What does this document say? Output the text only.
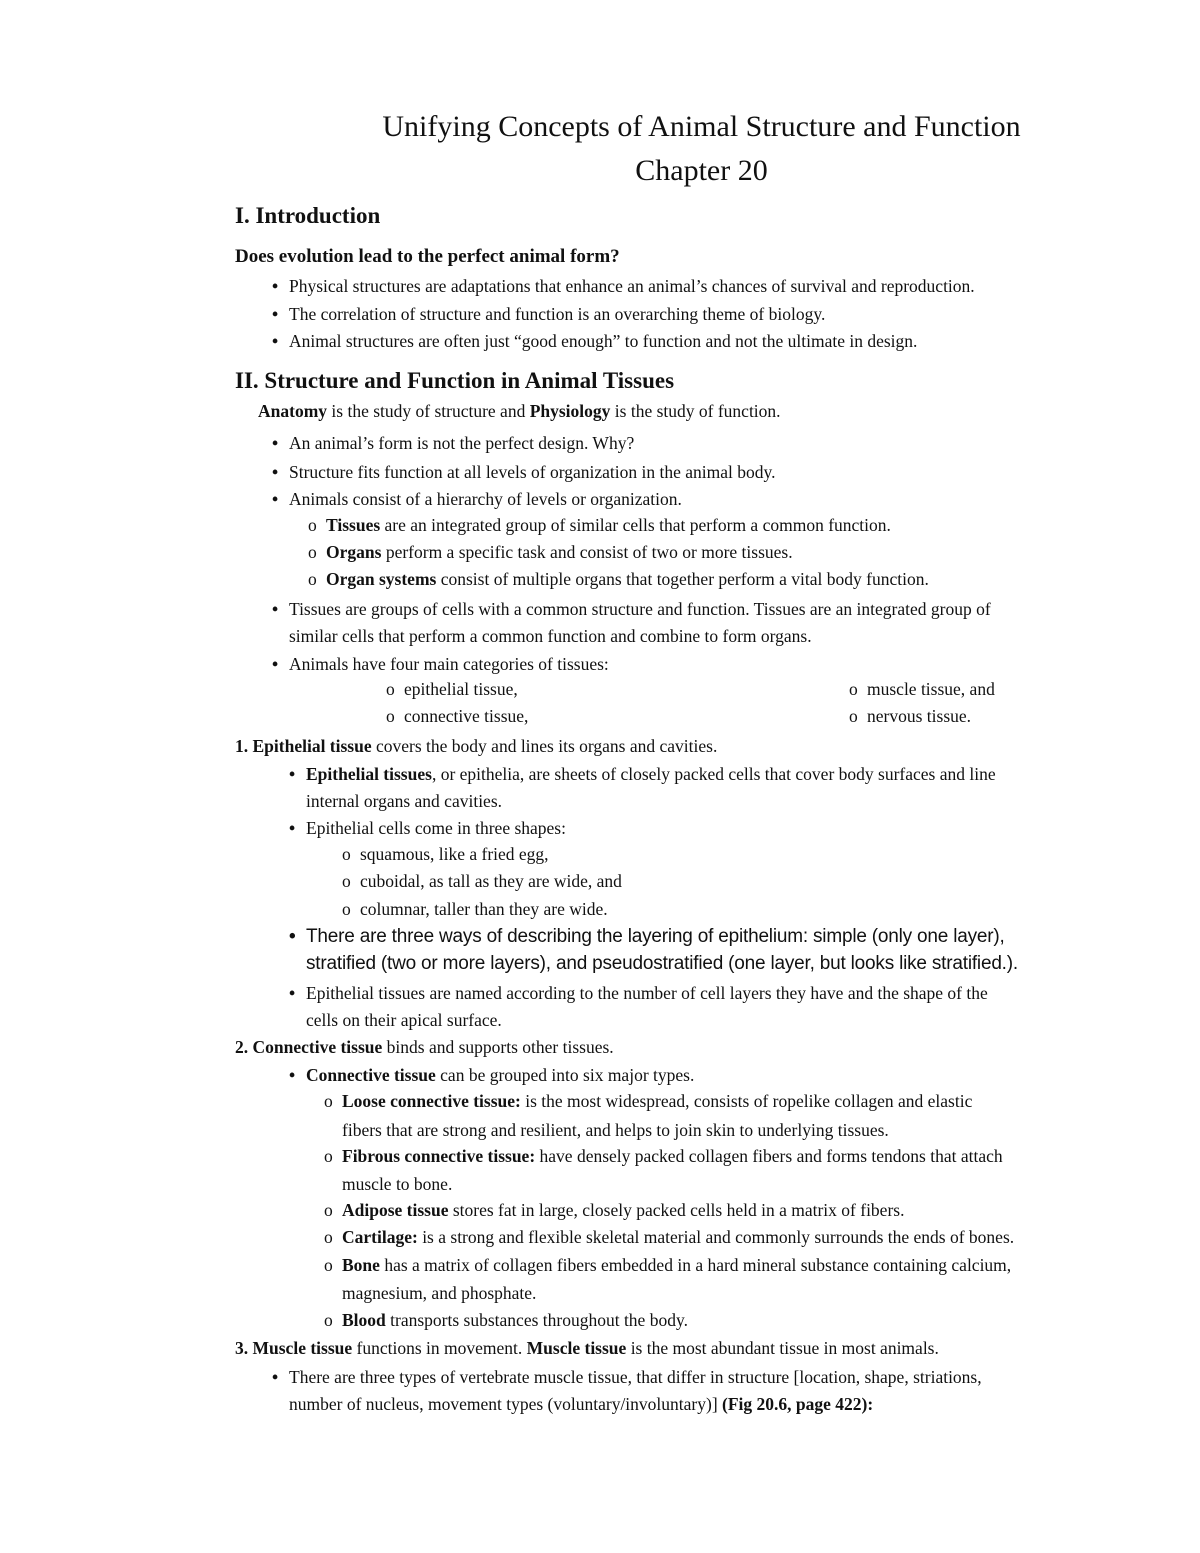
Unifying Concepts of Animal Structure and Function
Chapter 20
I. Introduction
Does evolution lead to the perfect animal form?
• Physical structures are adaptations that enhance an animal’s chances of survival and reproduction.
• The correlation of structure and function is an overarching theme of biology.
• Animal structures are often just “good enough” to function and not the ultimate in design.
II. Structure and Function in Animal Tissues
Anatomy is the study of structure and Physiology is the study of function.
• An animal’s form is not the perfect design. Why?
• Structure fits function at all levels of organization in the animal body.
• Animals consist of a hierarchy of levels or organization.
o Tissues are an integrated group of similar cells that perform a common function.
o Organs perform a specific task and consist of two or more tissues.
o Organ systems consist of multiple organs that together perform a vital body function.
• Tissues are groups of cells with a common structure and function. Tissues are an integrated group of
similar cells that perform a common function and combine to form organs.
• Animals have four main categories of tissues:
o epithelial tissue,	o muscle tissue, and
o connective tissue,	o nervous tissue.
1. Epithelial tissue covers the body and lines its organs and cavities.
• Epithelial tissues, or epithelia, are sheets of closely packed cells that cover body surfaces and line
internal organs and cavities.
• Epithelial cells come in three shapes:
o squamous, like a fried egg,
o cuboidal, as tall as they are wide, and
o columnar, taller than they are wide.
• There are three ways of describing the layering of epithelium: simple (only one layer),
stratified (two or more layers), and pseudostratified (one layer, but looks like stratified.).
• Epithelial tissues are named according to the number of cell layers they have and the shape of the
cells on their apical surface.
2. Connective tissue binds and supports other tissues.
• Connective tissue can be grouped into six major types.
o Loose connective tissue: is the most widespread, consists of ropelike collagen and elastic
fibers that are strong and resilient, and helps to join skin to underlying tissues.
o Fibrous connective tissue: have densely packed collagen fibers and forms tendons that attach
muscle to bone.
o Adipose tissue stores fat in large, closely packed cells held in a matrix of fibers.
o Cartilage: is a strong and flexible skeletal material and commonly surrounds the ends of bones.
o Bone has a matrix of collagen fibers embedded in a hard mineral substance containing calcium,
magnesium, and phosphate.
o Blood transports substances throughout the body.
3. Muscle tissue functions in movement. Muscle tissue is the most abundant tissue in most animals.
• There are three types of vertebrate muscle tissue, that differ in structure [location, shape, striations,
number of nucleus, movement types (voluntary/involuntary)] (Fig 20.6, page 422):
